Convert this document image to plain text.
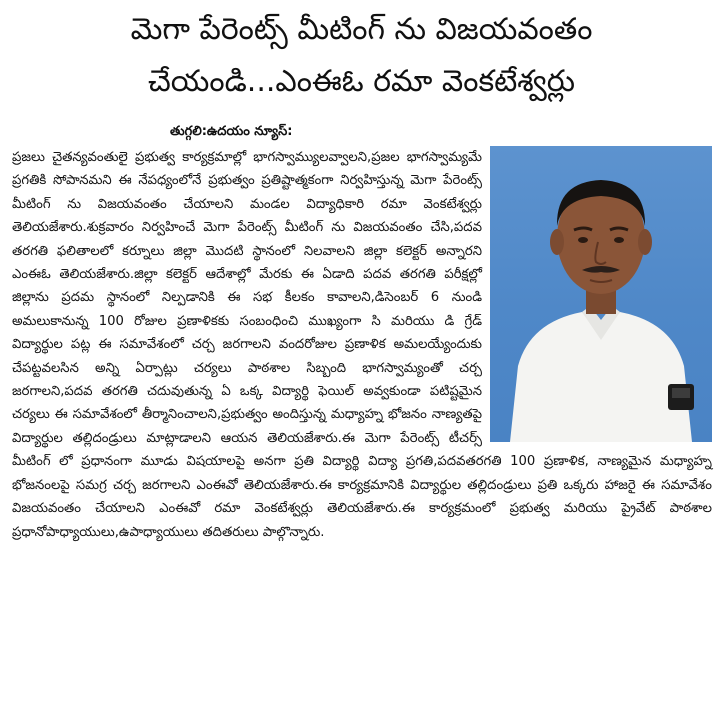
మెగా పేరెంట్స్ మీటింగ్ ను విజయవంతం
చేయండి...ఎంఈఓ రమా వెంకటేశ్వర్లు
తుగ్గలి:ఉదయం న్యూస్:
ప్రజలు చైతన్యవంతులై ప్రభుత్వ కార్యక్రమాల్లో భాగస్వామ్యులవ్వాలని,ప్రజల భాగస్వామ్యమే ప్రగతికి సోపానమని ఈ నేపధ్యంలోనే ప్రభుత్వం ప్రతిష్టాత్మకంగా నిర్వహిస్తున్న మెగా పేరెంట్స్ మీటింగ్ ను విజయవంతం చేయాలని మండల విద్యాధికారి రమా వెంకటేశ్వర్లు తెలియజేశారు.శుక్రవారం నిర్వహించే మెగా పేరెంట్స్ మీటింగ్ ను విజయవంతం చేసి,పదవ తరగతి ఫలితాలలో కర్నూలు జిల్లా మొదటి స్థానంలో నిలవాలని జిల్లా కలెక్టర్ అన్నారని ఎంఈఓ తెలియజేశారు.జిల్లా కలెక్టర్ ఆదేశాల్లో మేరకు ఈ ఏడాది పదవ తరగతి పరీక్షల్లో జిల్లాను ప్రదమ స్థానంలో నిల్పడానికి ఈ సభ కీలకం కావాలని,డిసెంబర్ 6 నుండి అమలుకానున్న 100 రోజుల ప్రణాళికకు సంబంధించి ముఖ్యంగా సి మరియు డి గ్రేడ్ విద్యార్థుల పట్ల ఈ సమావేశంలో చర్చ జరగాలని వందరోజుల ప్రణాళిక అమలయ్యేందుకు చేపట్టవలసిన అన్ని ఏర్పాట్లు చర్యలు పాఠశాల సిబ్బంది భాగస్వామ్యంతో చర్చ జరగాలని,పదవ తరగతి చదువుతున్న ఏ ఒక్క విద్యార్థి ఫెయిల్ అవ్వకుండా పటిష్టమైన చర్యలు ఈ సమావేశంలో తీర్మానించాలని,ప్రభుత్వం అందిస్తున్న మధ్యాహ్న భోజనం నాణ్యతపై విద్యార్థుల తల్లిదండ్రులు మాట్లాడాలని ఆయన తెలియజేశారు.ఈ మెగా పేరెంట్స్ టీచర్స్ మీటింగ్ లో ప్రధానంగా మూడు విషయాలపై అనగా ప్రతి విద్యార్థి విద్యా ప్రగతి,పదవతరగతి 100 ప్రణాళిక, నాణ్యమైన మధ్యాహ్న భోజనంలపై సమగ్ర చర్చ జరగాలని ఎంఈవో తెలియజేశారు.ఈ కార్యక్రమానికి విద్యార్థుల తల్లిదండ్రులు ప్రతి ఒక్కరు హాజరై ఈ సమావేశం విజయవంతం చేయాలని ఎంఈవో రమా వెంకటేశ్వర్లు తెలియజేశారు.ఈ కార్యక్రమంలో ప్రభుత్వ మరియు ప్రైవేట్ పాఠశాల ప్రధానోపాధ్యాయులు,ఉపాధ్యాయులు తదితరులు పాల్గొన్నారు.
